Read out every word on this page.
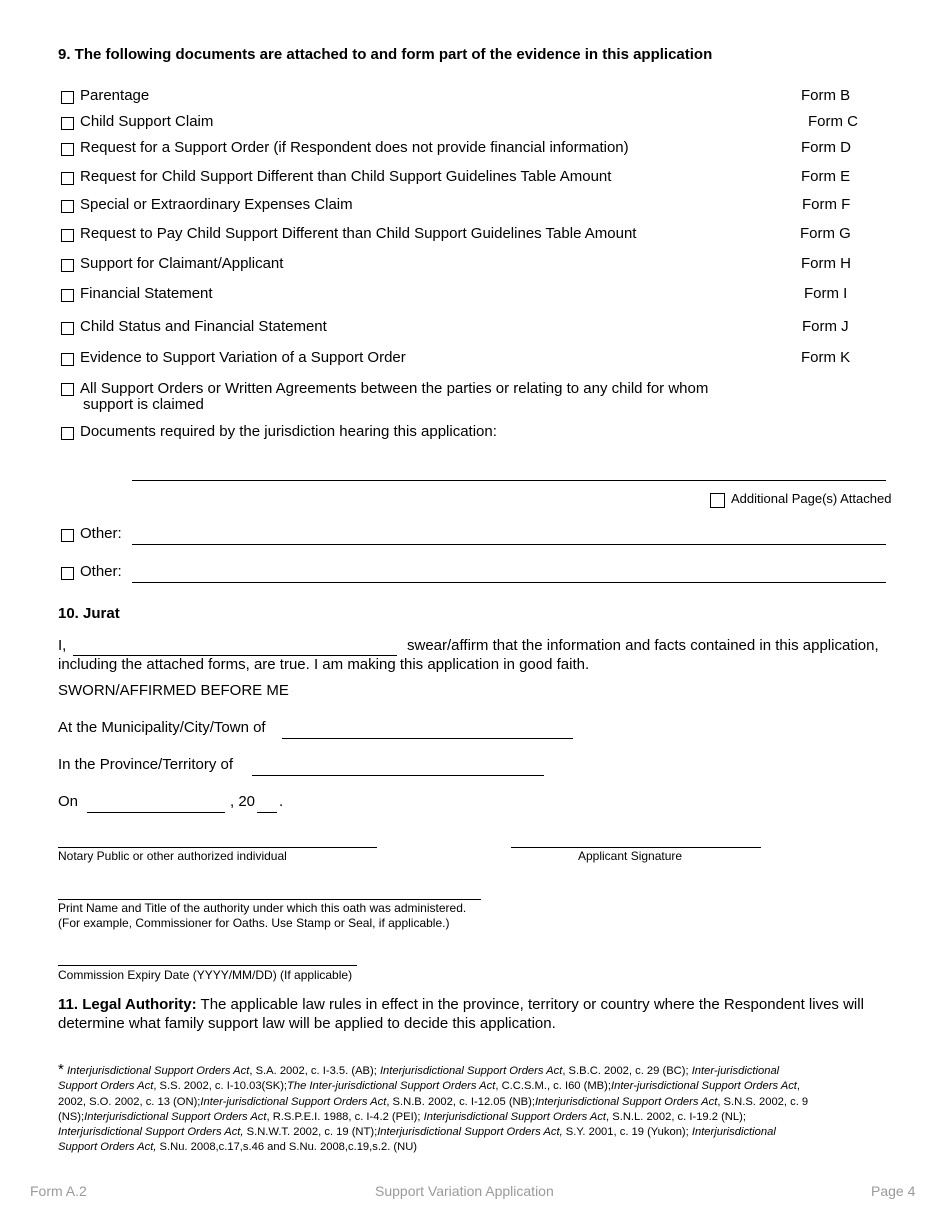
9. The following documents are attached to and form part of the evidence in this application
Parentage	Form B
Child Support Claim	Form C
Request for a Support Order (if Respondent does not provide financial information)	Form D
Request for Child Support Different than Child Support Guidelines Table Amount	Form E
Special or Extraordinary Expenses Claim	Form F
Request to Pay Child Support Different than Child Support Guidelines Table Amount	Form G
Support for Claimant/Applicant	Form H
Financial Statement	Form I
Child Status and Financial Statement	Form J
Evidence to Support Variation of a Support Order	Form K
All Support Orders or Written Agreements between the parties or relating to any child for whom
support is claimed
Documents required by the jurisdiction hearing this application:
Additional Page(s) Attached
Other:
Other:
10. Jurat
I,	swear/affirm that the information and facts contained in this application,
including the attached forms, are true. I am making this application in good faith.
SWORN/AFFIRMED BEFORE ME
At the Municipality/City/Town of
In the Province/Territory of
On	, 20 .
Notary Public or other authorized individual	Applicant Signature
Print Name and Title of the authority under which this oath was administered.
(For example, Commissioner for Oaths. Use Stamp or Seal, if applicable.)
Commission Expiry Date (YYYY/MM/DD) (If applicable)
11. Legal Authority: The applicable law rules in effect in the province, territory or country where the Respondent lives will
determine what family support law will be applied to decide this application.
* Interjurisdictional Support Orders Act, S.A. 2002, c. I-3.5. (AB); Interjurisdictional Support Orders Act, S.B.C. 2002, c. 29 (BC); Inter-jurisdictional
Support Orders Act, S.S. 2002, c. I-10.03(SK);The Inter-jurisdictional Support Orders Act, C.C.S.M., c. I60 (MB);Inter-jurisdictional Support Orders Act,
2002, S.O. 2002, c. 13 (ON);Inter-jurisdictional Support Orders Act, S.N.B. 2002, c. I-12.05 (NB);Interjurisdictional Support Orders Act, S.N.S. 2002, c. 9
(NS);Interjurisdictional Support Orders Act, R.S.P.E.I. 1988, c. I-4.2 (PEI); Interjurisdictional Support Orders Act, S.N.L. 2002, c. I-19.2 (NL);
Interjurisdictional Support Orders Act, S.N.W.T. 2002, c. 19 (NT);Interjurisdictional Support Orders Act, S.Y. 2001, c. 19 (Yukon); Interjurisdictional
Support Orders Act, S.Nu. 2008,c.17,s.46 and S.Nu. 2008,c.19,s.2. (NU)
Form A.2	Support Variation Application	Page 4
